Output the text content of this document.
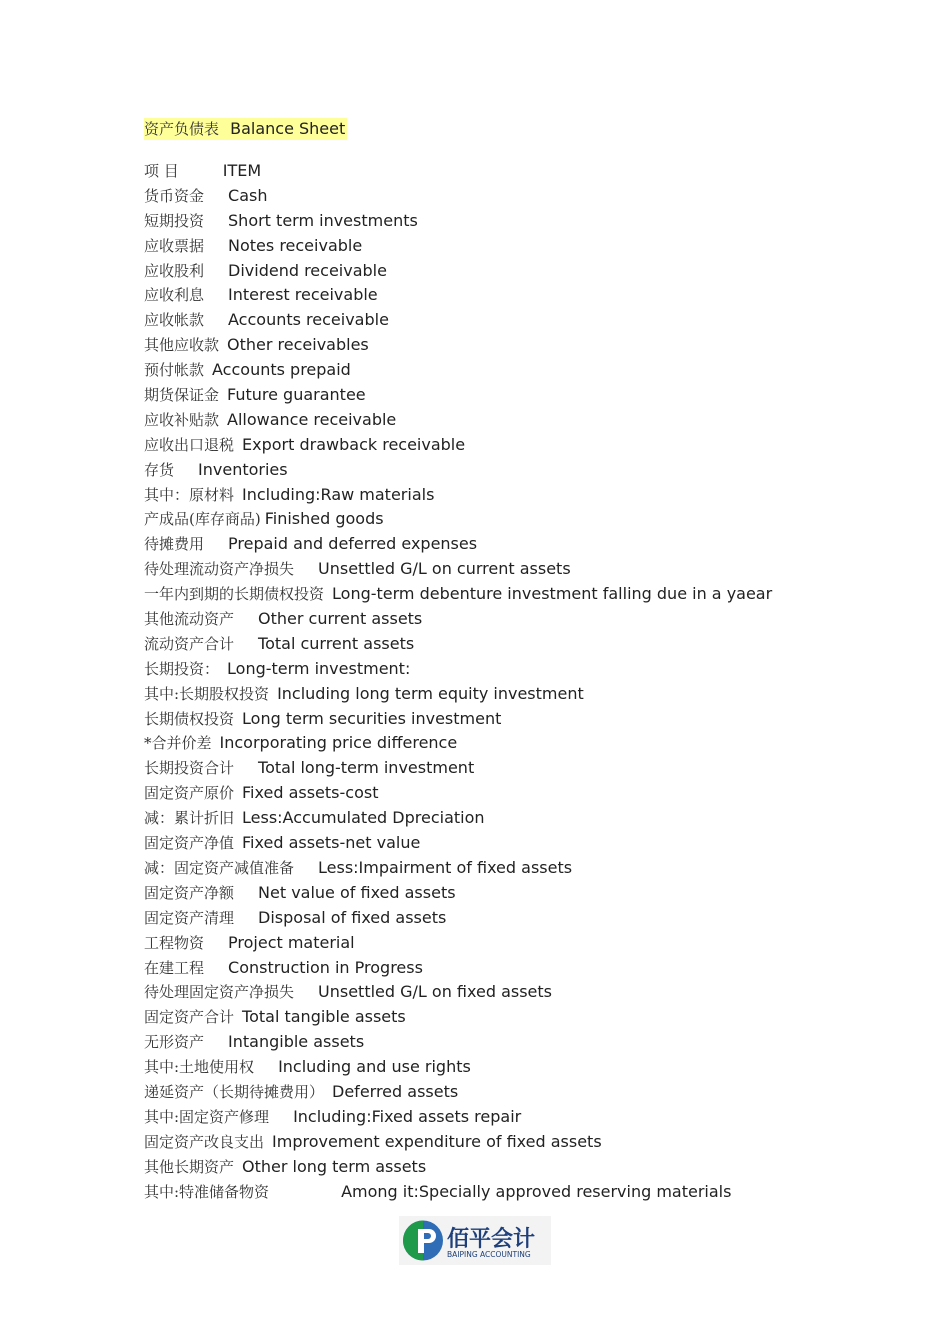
资产负债表 Balance Sheet
项 目	ITEM
货币资金 Cash
短期投资 Short term investments
应收票据 Notes receivable
应收股利 Dividend receivable
应收利息 Interest receivable
应收帐款 Accounts receivable
其他应收款 Other receivables
预付帐款 Accounts prepaid
期货保证金 Future guarantee
应收补贴款 Allowance receivable
应收出口退税 Export drawback receivable
存货 Inventories
其中：原材料 Including:Raw materials
产成品(库存商品) Finished goods
待摊费用 Prepaid and deferred expenses
待处理流动资产净损失 Unsettled G/L on current assets
一年内到期的长期债权投资 Long-term debenture investment falling due in a yaear
其他流动资产 Other current assets
流动资产合计 Total current assets
长期投资： Long-term investment:
其中:长期股权投资 Including long term equity investment
长期债权投资 Long term securities investment
*合并价差 Incorporating price difference
长期投资合计 Total long-term investment
固定资产原价 Fixed assets-cost
减：累计折旧 Less:Accumulated Dpreciation
固定资产净值 Fixed assets-net value
减：固定资产减值准备 Less:Impairment of fixed assets
固定资产净额 Net value of fixed assets
固定资产清理 Disposal of fixed assets
工程物资 Project material
在建工程 Construction in Progress
待处理固定资产净损失 Unsettled G/L on fixed assets
固定资产合计 Total tangible assets
无形资产 Intangible assets
其中:土地使用权 Including and use rights
递延资产（长期待摊费用） Deferred assets
其中:固定资产修理 Including:Fixed assets repair
固定资产改良支出 Improvement expenditure of fixed assets
其他长期资产 Other long term assets
其中:特准储备物资	Among it:Specially approved reserving materials
佰平会计
BAIPING ACCOUNTING
